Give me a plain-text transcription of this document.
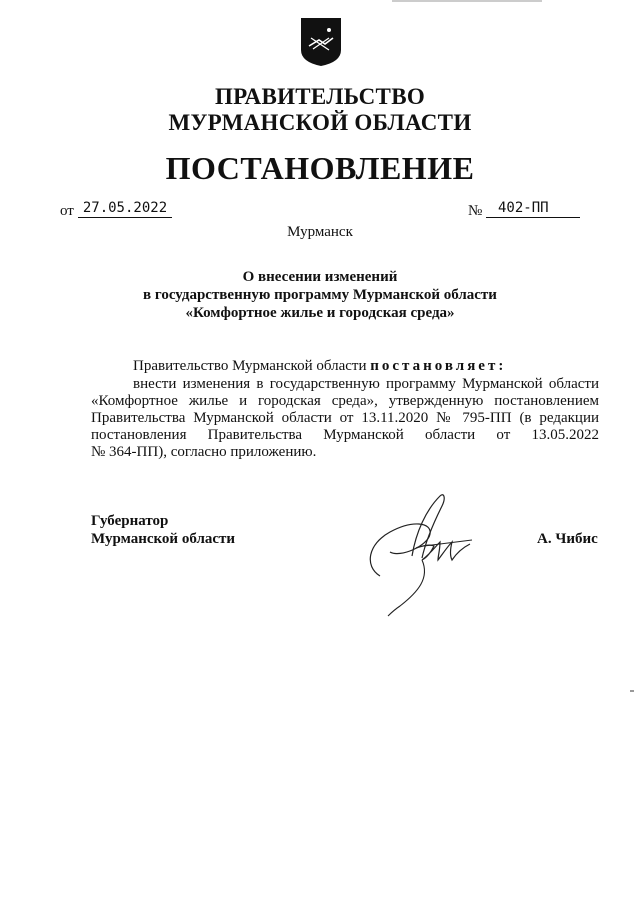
ПРАВИТЕЛЬСТВО
МУРМАНСКОЙ ОБЛАСТИ
ПОСТАНОВЛЕНИЕ
от 27.05.2022	№	402-ПП
Мурманск
О внесении изменений
в государственную программу Мурманской области
«Комфортное жилье и городская среда»
Правительство Мурманской области постановляет:
внести изменения в государственную программу Мурманской области
«Комфортное жилье и городская среда», утвержденную постановлением
Правительства Мурманской области от 13.11.2020 № 795-ПП (в редакции
постановления Правительства Мурманской области от 13.05.2022
№ 364-ПП), согласно приложению.
Губернатор
Мурманской области	А. Чибис
